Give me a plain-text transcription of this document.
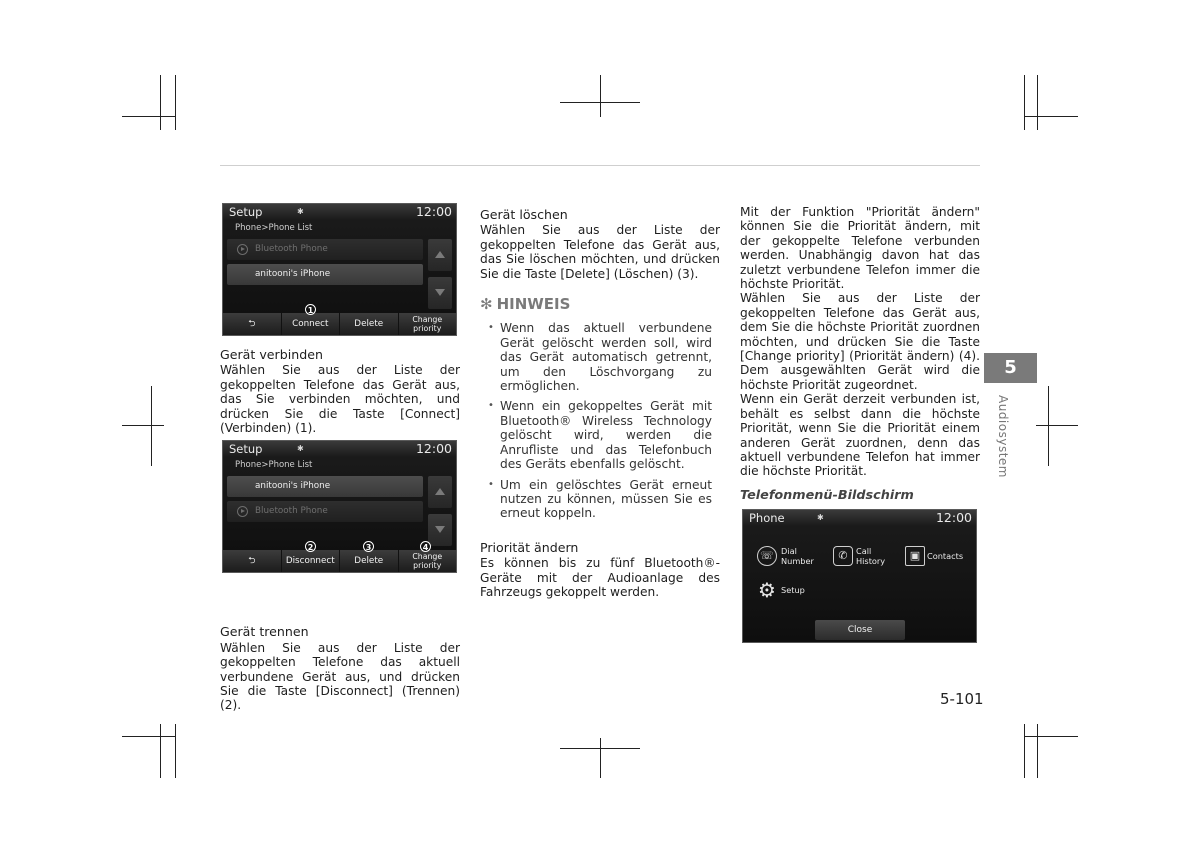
Setup	✱	12:00
Phone>Phone List
Bluetooth Phone
anitooni's iPhone
⮌	Connect	Delete	Change priority
1
Gerät verbinden
Wählen Sie aus der Liste der gekoppelten Telefone das Gerät aus, das Sie verbinden möchten, und drücken Sie die Taste [Connect] (Verbinden) (1).
Gerät trennen
Wählen Sie aus der Liste der gekoppelten Telefone das aktuell verbundene Gerät aus, und drücken Sie die Taste [Disconnect] (Trennen) (2).
Setup	✱	12:00
Phone>Phone List
anitooni's iPhone
Bluetooth Phone
⮌	Disconnect	Delete	Change priority
2	3	4
Gerät löschen
Wählen Sie aus der Liste der gekoppelten Telefone das Gerät aus, das Sie löschen möchten, und drücken Sie die Taste [Delete] (Löschen) (3).
✻ HINWEIS
• Wenn das aktuell verbundene Gerät gelöscht werden soll, wird das Gerät automatisch getrennt, um den Löschvorgang zu ermöglichen.
• Wenn ein gekoppeltes Gerät mit Bluetooth® Wireless Technology gelöscht wird, werden die Anrufliste und das Telefonbuch des Geräts ebenfalls gelöscht.
• Um ein gelöschtes Gerät erneut nutzen zu können, müssen Sie es erneut koppeln.
Priorität ändern
Es können bis zu fünf Bluetooth®-Geräte mit der Audioanlage des Fahrzeugs gekoppelt werden.
Mit der Funktion "Priorität ändern" können Sie die Priorität ändern, mit der gekoppelte Telefone verbunden werden. Unabhängig davon hat das zuletzt verbundene Telefon immer die höchste Priorität.
Wählen Sie aus der Liste der gekoppelten Telefone das Gerät aus, dem Sie die höchste Priorität zuordnen möchten, und drücken Sie die Taste [Change priority] (Priorität ändern) (4). Dem ausgewählten Gerät wird die höchste Priorität zugeordnet.
Wenn ein Gerät derzeit verbunden ist, behält es selbst dann die höchste Priorität, wenn Sie die Priorität einem anderen Gerät zuordnen, denn das aktuell verbundene Telefon hat immer die höchste Priorität.
Telefonmenü-Bildschirm
Phone	✱	12:00
☏ Dial Number	✆	Call History	▣ Contacts
⚙ Setup
Close
5
Audiosystem
5-101
